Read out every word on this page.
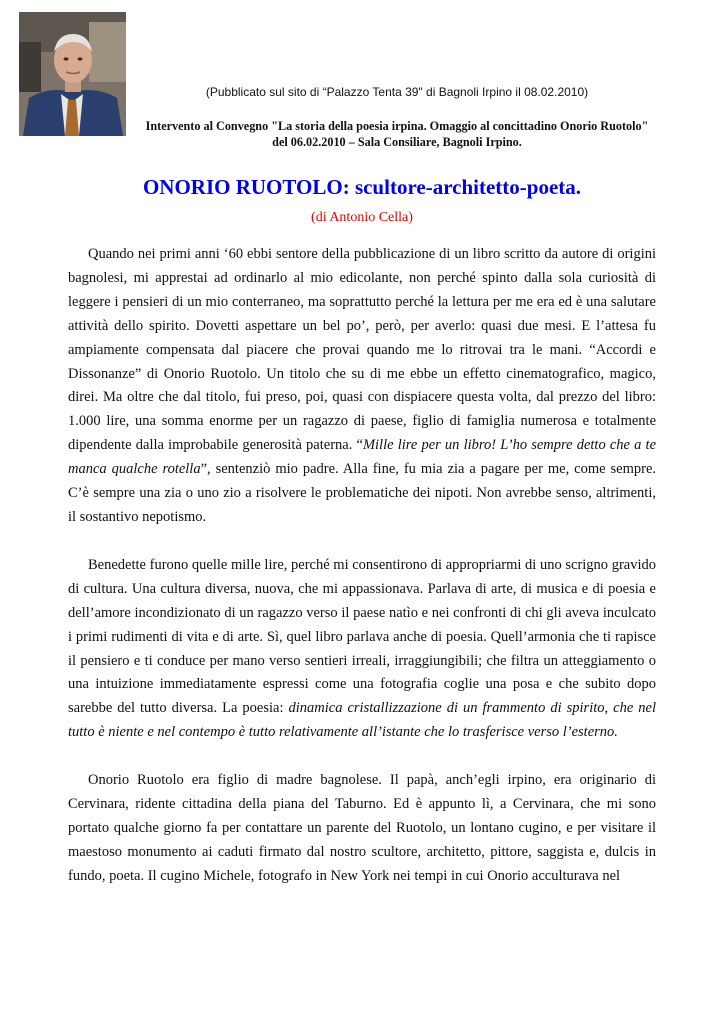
(Pubblicato sul sito di “Palazzo Tenta 39" di Bagnoli Irpino il 08.02.2010)
Intervento al Convegno "La storia della poesia irpina. Omaggio al concittadino Onorio Ruotolo" del 06.02.2010 – Sala Consiliare, Bagnoli Irpino.
ONORIO RUOTOLO: scultore-architetto-poeta.
(di Antonio Cella)

Quando nei primi anni ‘60 ebbi sentore della pubblicazione di un libro scritto da autore di origini bagnolesi, mi apprestai ad ordinarlo al mio edicolante, non perché spinto dalla sola curiosità di leggere i pensieri di un mio conterraneo, ma soprattutto perché la lettura per me era ed è una salutare attività dello spirito. Dovetti aspettare un bel po’, però, per averlo: quasi due mesi. E l’attesa fu ampiamente compensata dal piacere che provai quando me lo ritrovai tra le mani. “Accordi e Dissonanze” di Onorio Ruotolo. Un titolo che su di me ebbe un effetto cinematografico, magico, direi. Ma oltre che dal titolo, fui preso, poi, quasi con dispiacere questa volta, dal prezzo del libro: 1.000 lire, una somma enorme per un ragazzo di paese, figlio di famiglia numerosa e totalmente dipendente dalla improbabile generosità paterna. “Mille lire per un libro! L’ho sempre detto che a te manca qualche rotella”, sentenziò mio padre. Alla fine, fu mia zia a pagare per me, come sempre. C’è sempre una zia o uno zio a risolvere le problematiche dei nipoti. Non avrebbe senso, altrimenti, il sostantivo nepotismo.

Benedette furono quelle mille lire, perché mi consentirono di appropriarmi di uno scrigno gravido di cultura. Una cultura diversa, nuova, che mi appassionava. Parlava di arte, di musica e di poesia e dell’amore incondizionato di un ragazzo verso il paese natìo e nei confronti di chi gli aveva inculcato i primi rudimenti di vita e di arte. Sì, quel libro parlava anche di poesia. Quell’armonia che ti rapisce il pensiero e ti conduce per mano verso sentieri irreali, irraggiungibili; che filtra un atteggiamento o una intuizione immediatamente espressi come una fotografia coglie una posa e che subito dopo sarebbe del tutto diversa. La poesia: dinamica cristallizzazione di un frammento di spirito, che nel tutto è niente e nel contempo è tutto relativamente all’istante che lo trasferisce verso l’esterno.

Onorio Ruotolo era figlio di madre bagnolese. Il papà, anch’egli irpino, era originario di Cervinara, ridente cittadina della piana del Taburno. Ed è appunto lì, a Cervinara, che mi sono portato qualche giorno fa per contattare un parente del Ruotolo, un lontano cugino, e per visitare il maestoso monumento ai caduti firmato dal nostro scultore, architetto, pittore, saggista e, dulcis in fundo, poeta. Il cugino Michele, fotografo in New York nei tempi in cui Onorio acculturava nel
